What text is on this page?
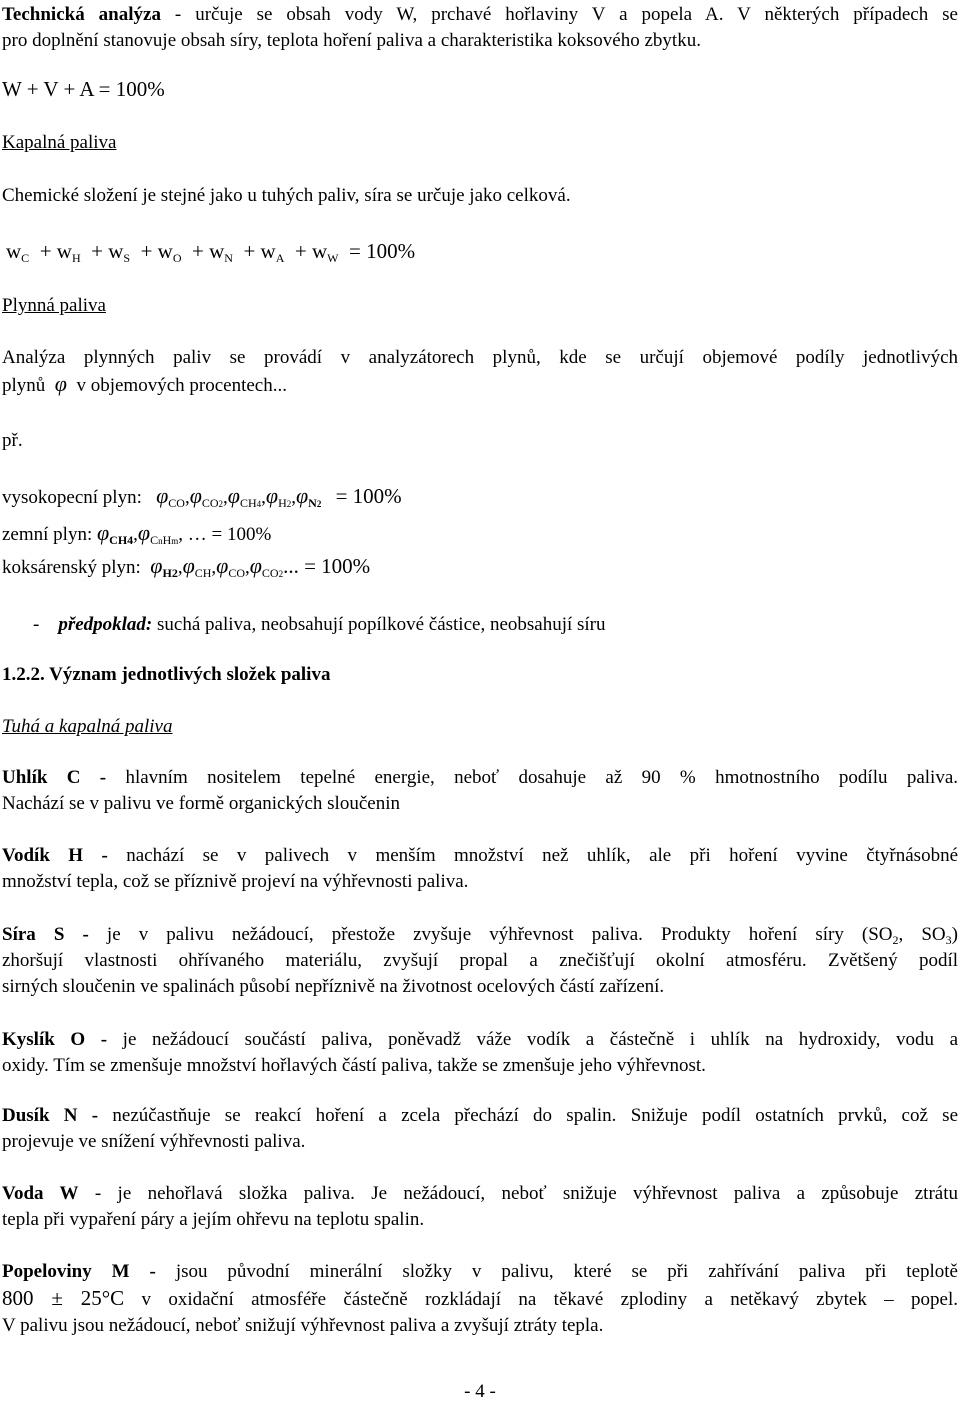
Technická analýza - určuje se obsah vody W, prchavé hořlaviny V a popela A. V některých případech se
pro doplnění stanovuje obsah síry, teplota hoření paliva a charakteristika koksového zbytku.
W + V + A = 100%
Kapalná paliva
Chemické složení je stejné jako u tuhých paliv, síra se určuje jako celková.
$w_C + w_H + w_S + w_O + w_N + w_A + w_W = 100\%$
Plynná paliva
Analýza plynných paliv se provádí v analyzátorech plynů, kde se určují objemové podíly jednotlivých
plynů φ v objemových procentech...
př.
vysokopecní plyn: $\varphi_{CO},\varphi_{CO2},\varphi_{CH4},\varphi_{H2},\varphi_{N2} = 100\%$
zemní plyn: $\varphi_{CH4},\varphi_{CnHm}$, … = 100%
koksárenský plyn: $\varphi_{H2},\varphi_{CH},\varphi_{CO},\varphi_{CO2}$... = 100%
- předpoklad: suchá paliva, neobsahují popílkové částice, neobsahují síru
1.2.2. Význam jednotlivých složek paliva
Tuhá a kapalná paliva
Uhlík C - hlavním nositelem tepelné energie, neboť dosahuje až 90 % hmotnostního podílu paliva.
Nachází se v palivu ve formě organických sloučenin
Vodík H - nachází se v palivech v menším množství než uhlík, ale při hoření vyvine čtyřnásobné
množství tepla, což se příznivě projeví na výhřevnosti paliva.
Síra S - je v palivu nežádoucí, přestože zvyšuje výhřevnost paliva. Produkty hoření síry ($SO_2$, $SO_3$)
zhoršují vlastnosti ohřívaného materiálu, zvyšují propal a znečišťují okolní atmosféru. Zvětšený podíl
sirných sloučenin ve spalinách působí nepříznivě na životnost ocelových částí zařízení.
Kyslík O - je nežádoucí součástí paliva, poněvadž váže vodík a částečně i uhlík na hydroxidy, vodu a
oxidy. Tím se zmenšuje množství hořlavých částí paliva, takže se zmenšuje jeho výhřevnost.
Dusík N - nezúčastňuje se reakcí hoření a zcela přechází do spalin. Snižuje podíl ostatních prvků, což se
projevuje ve snížení výhřevnosti paliva.
Voda W - je nehořlavá složka paliva. Je nežádoucí, neboť snižuje výhřevnost paliva a způsobuje ztrátu
tepla při vypaření páry a jejím ohřevu na teplotu spalin.
Popeloviny M - jsou původní minerální složky v palivu, které se při zahřívání paliva při teplotě
800 ± 25°C v oxidační atmosféře částečně rozkládají na těkavé zplodiny a netěkavý zbytek – popel.
V palivu jsou nežádoucí, neboť snižují výhřevnost paliva a zvyšují ztráty tepla.
- 4 -
